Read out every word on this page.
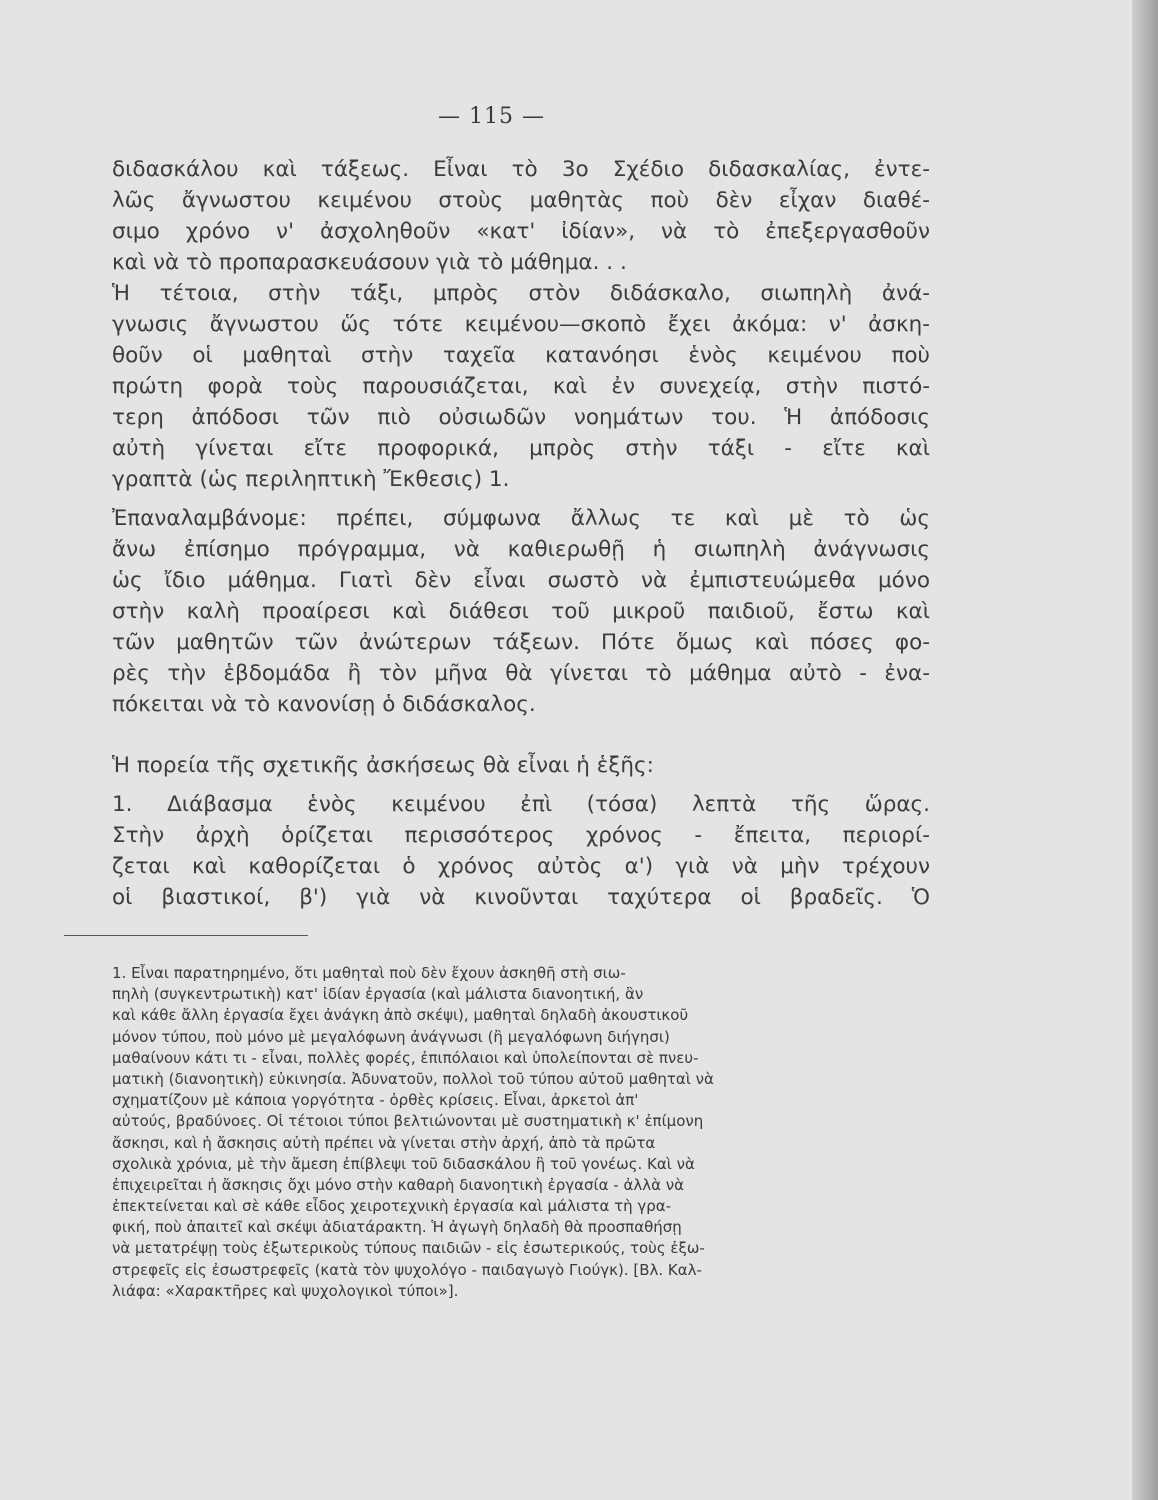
— 115 —
διδασκάλου καὶ τάξεως. Εἶναι τὸ 3ο Σχέδιο διδασκαλίας, ἐντε-
λῶς ἄγνωστου κειμένου στοὺς μαθητὰς ποὺ δὲν εἶχαν διαθέ-
σιμο χρόνο ν' ἀσχοληθοῦν «κατ' ἰδίαν», νὰ τὸ ἐπεξεργασθοῦν
καὶ νὰ τὸ προπαρασκευάσουν γιὰ τὸ μάθημα. . .
Ἡ τέτοια, στὴν τάξι, μπρὸς στὸν διδάσκαλο, σιωπηλὴ ἀνά-
γνωσις ἄγνωστου ὥς τότε κειμένου—σκοπὸ ἔχει ἀκόμα: ν' ἀσκη-
θοῦν οἱ μαθηταὶ στὴν ταχεῖα κατανόησι ἑνὸς κειμένου ποὺ
πρώτη φορὰ τοὺς παρουσιάζεται, καὶ ἐν συνεχείᾳ, στὴν πιστό-
τερη ἀπόδοσι τῶν πιὸ οὐσιωδῶν νοημάτων του. Ἡ ἀπόδοσις
αὐτὴ γίνεται εἴτε προφορικά, μπρὸς στὴν τάξι - εἴτε καὶ
γραπτὰ (ὡς περιληπτικὴ Ἔκθεσις) 1.
Ἐπαναλαμβάνομε: πρέπει, σύμφωνα ἄλλως τε καὶ μὲ τὸ ὡς
ἄνω ἐπίσημο πρόγραμμα, νὰ καθιερωθῇ ἡ σιωπηλὴ ἀνάγνωσις
ὡς ἴδιο μάθημα. Γιατὶ δὲν εἶναι σωστὸ νὰ ἐμπιστευώμεθα μόνο
στὴν καλὴ προαίρεσι καὶ διάθεσι τοῦ μικροῦ παιδιοῦ, ἔστω καὶ
τῶν μαθητῶν τῶν ἀνώτερων τάξεων. Πότε ὅμως καὶ πόσες φο-
ρὲς τὴν ἑβδομάδα ἢ τὸν μῆνα θὰ γίνεται τὸ μάθημα αὐτὸ - ἐνα-
πόκειται νὰ τὸ κανονίσῃ ὁ διδάσκαλος.
Ἡ πορεία τῆς σχετικῆς ἀσκήσεως θὰ εἶναι ἡ ἑξῆς:
1. Διάβασμα ἑνὸς κειμένου ἐπὶ (τόσα) λεπτὰ τῆς ὥρας.
Στὴν ἀρχὴ ὁρίζεται περισσότερος χρόνος - ἔπειτα, περιορί-
ζεται καὶ καθορίζεται ὁ χρόνος αὐτὸς α') γιὰ νὰ μὴν τρέχουν
οἱ βιαστικοί, β') γιὰ νὰ κινοῦνται ταχύτερα οἱ βραδεῖς. Ὁ
1. Εἶναι παρατηρημένο, ὅτι μαθηταὶ ποὺ δὲν ἔχουν ἀσκηθῆ στὴ σιω-
πηλὴ (συγκεντρωτικὴ) κατ' ἰδίαν ἐργασία (καὶ μάλιστα διανοητική, ἂν
καὶ κάθε ἄλλη ἐργασία ἔχει ἀνάγκη ἀπὸ σκέψι), μαθηταὶ δηλαδὴ ἀκουστικοῦ
μόνον τύπου, ποὺ μόνο μὲ μεγαλόφωνη ἀνάγνωσι (ἢ μεγαλόφωνη διήγησι)
μαθαίνουν κάτι τι - εἶναι, πολλὲς φορές, ἐπιπόλαιοι καὶ ὑπολείπονται σὲ πνευ-
ματικὴ (διανοητικὴ) εὐκινησία. Ἀδυνατοῦν, πολλοὶ τοῦ τύπου αὐτοῦ μαθηταὶ νὰ
σχηματίζουν μὲ κάποια γοργότητα - ὀρθὲς κρίσεις. Εἶναι, ἀρκετοὶ ἀπ'
αὐτούς, βραδύνοες. Οἱ τέτοιοι τύποι βελτιώνονται μὲ συστηματικὴ κ' ἐπίμονη
ἄσκησι, καὶ ἡ ἄσκησις αὐτὴ πρέπει νὰ γίνεται στὴν ἀρχή, ἀπὸ τὰ πρῶτα
σχολικὰ χρόνια, μὲ τὴν ἄμεση ἐπίβλεψι τοῦ διδασκάλου ἢ τοῦ γονέως. Καὶ νὰ
ἐπιχειρεῖται ἡ ἄσκησις ὄχι μόνο στὴν καθαρὴ διανοητικὴ ἐργασία - ἀλλὰ νὰ
ἐπεκτείνεται καὶ σὲ κάθε εἶδος χειροτεχνικὴ ἐργασία καὶ μάλιστα τὴ γρα-
φική, ποὺ ἀπαιτεῖ καὶ σκέψι ἀδιατάρακτη. Ἡ ἀγωγὴ δηλαδὴ θὰ προσπαθήσῃ
νὰ μετατρέψῃ τοὺς ἐξωτερικοὺς τύπους παιδιῶν - εἰς ἐσωτερικούς, τοὺς ἐξω-
στρεφεῖς εἰς ἐσωστρεφεῖς (κατὰ τὸν ψυχολόγο - παιδαγωγὸ Γιούγκ). [Βλ. Καλ-
λιάφα: «Χαρακτῆρες καὶ ψυχολογικοὶ τύποι»].
